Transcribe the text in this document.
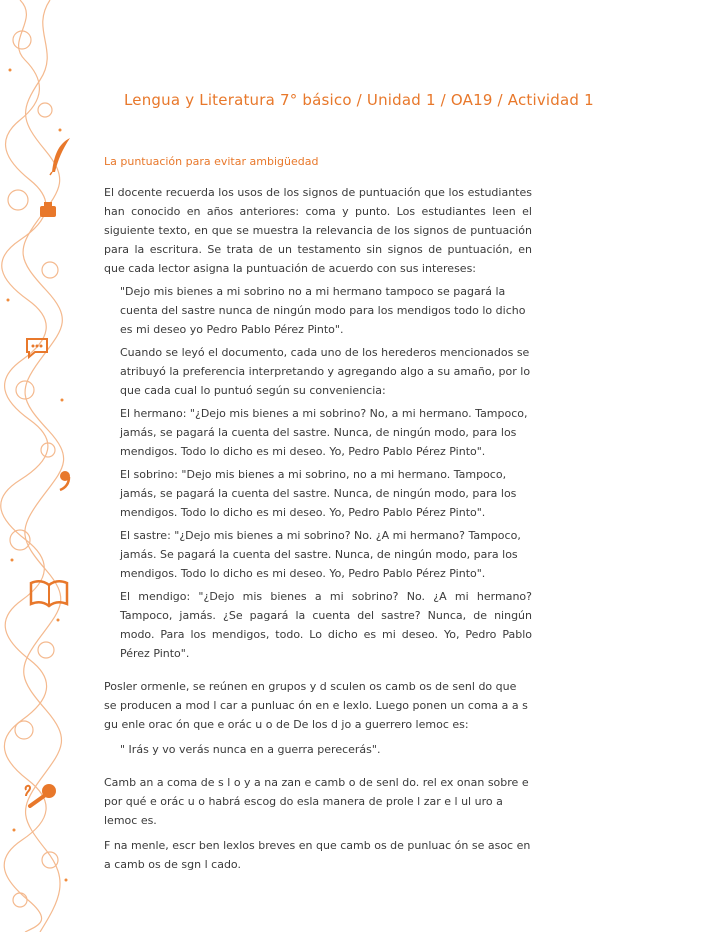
Lengua y Literatura 7° básico / Unidad 1 / OA19 / Actividad 1
La puntuación para evitar ambigüedad

El docente recuerda los usos de los signos de puntuación que los estudiantes han conocido en años anteriores: coma y punto. Los estudiantes leen el siguiente texto, en que se muestra la relevancia de los signos de puntuación para la escritura. Se trata de un testamento sin signos de puntuación, en que cada lector asigna la puntuación de acuerdo con sus intereses:

"Dejo mis bienes a mi sobrino no a mi hermano tampoco se pagará la cuenta del sastre nunca de ningún modo para los mendigos todo lo dicho es mi deseo yo Pedro Pablo Pérez Pinto".

Cuando se leyó el documento, cada uno de los herederos mencionados se atribuyó la preferencia interpretando y agregando algo a su amaño, por lo que cada cual lo puntuó según su conveniencia:

El hermano: "¿Dejo mis bienes a mi sobrino? No, a mi hermano. Tampoco, jamás, se pagará la cuenta del sastre. Nunca, de ningún modo, para los mendigos. Todo lo dicho es mi deseo. Yo, Pedro Pablo Pérez Pinto".

El sobrino: "Dejo mis bienes a mi sobrino, no a mi hermano. Tampoco, jamás, se pagará la cuenta del sastre. Nunca, de ningún modo, para los mendigos. Todo lo dicho es mi deseo. Yo, Pedro Pablo Pérez Pinto".

El sastre: "¿Dejo mis bienes a mi sobrino? No. ¿A mi hermano? Tampoco, jamás. Se pagará la cuenta del sastre. Nunca, de ningún modo, para los mendigos. Todo lo dicho es mi deseo. Yo, Pedro Pablo Pérez Pinto".

El mendigo: "¿Dejo mis bienes a mi sobrino? No. ¿A mi hermano? Tampoco, jamás. ¿Se pagará la cuenta del sastre? Nunca, de ningún modo. Para los mendigos, todo. Lo dicho es mi deseo. Yo, Pedro Pablo Pérez Pinto".

Posler ormenle, se reúnen en grupos y d sculen os camb os de senl do que se producen a mod l car a punluac ón en e lexlo. Luego ponen un coma a a s gu enle orac ón que e orác u o de De los d jo a guerrero lemoc es:

" Irás y vo verás nunca en a guerra perecerás".

Camb an a coma de s l o y a na zan e camb o de senl do. rel ex onan sobre e por qué e orác u o habrá escog do esla manera de prole l zar e l ul uro a lemoc es.

F na menle, escr ben lexlos breves en que camb os de punluac ón se asoc en a camb os de sgn l cado.
